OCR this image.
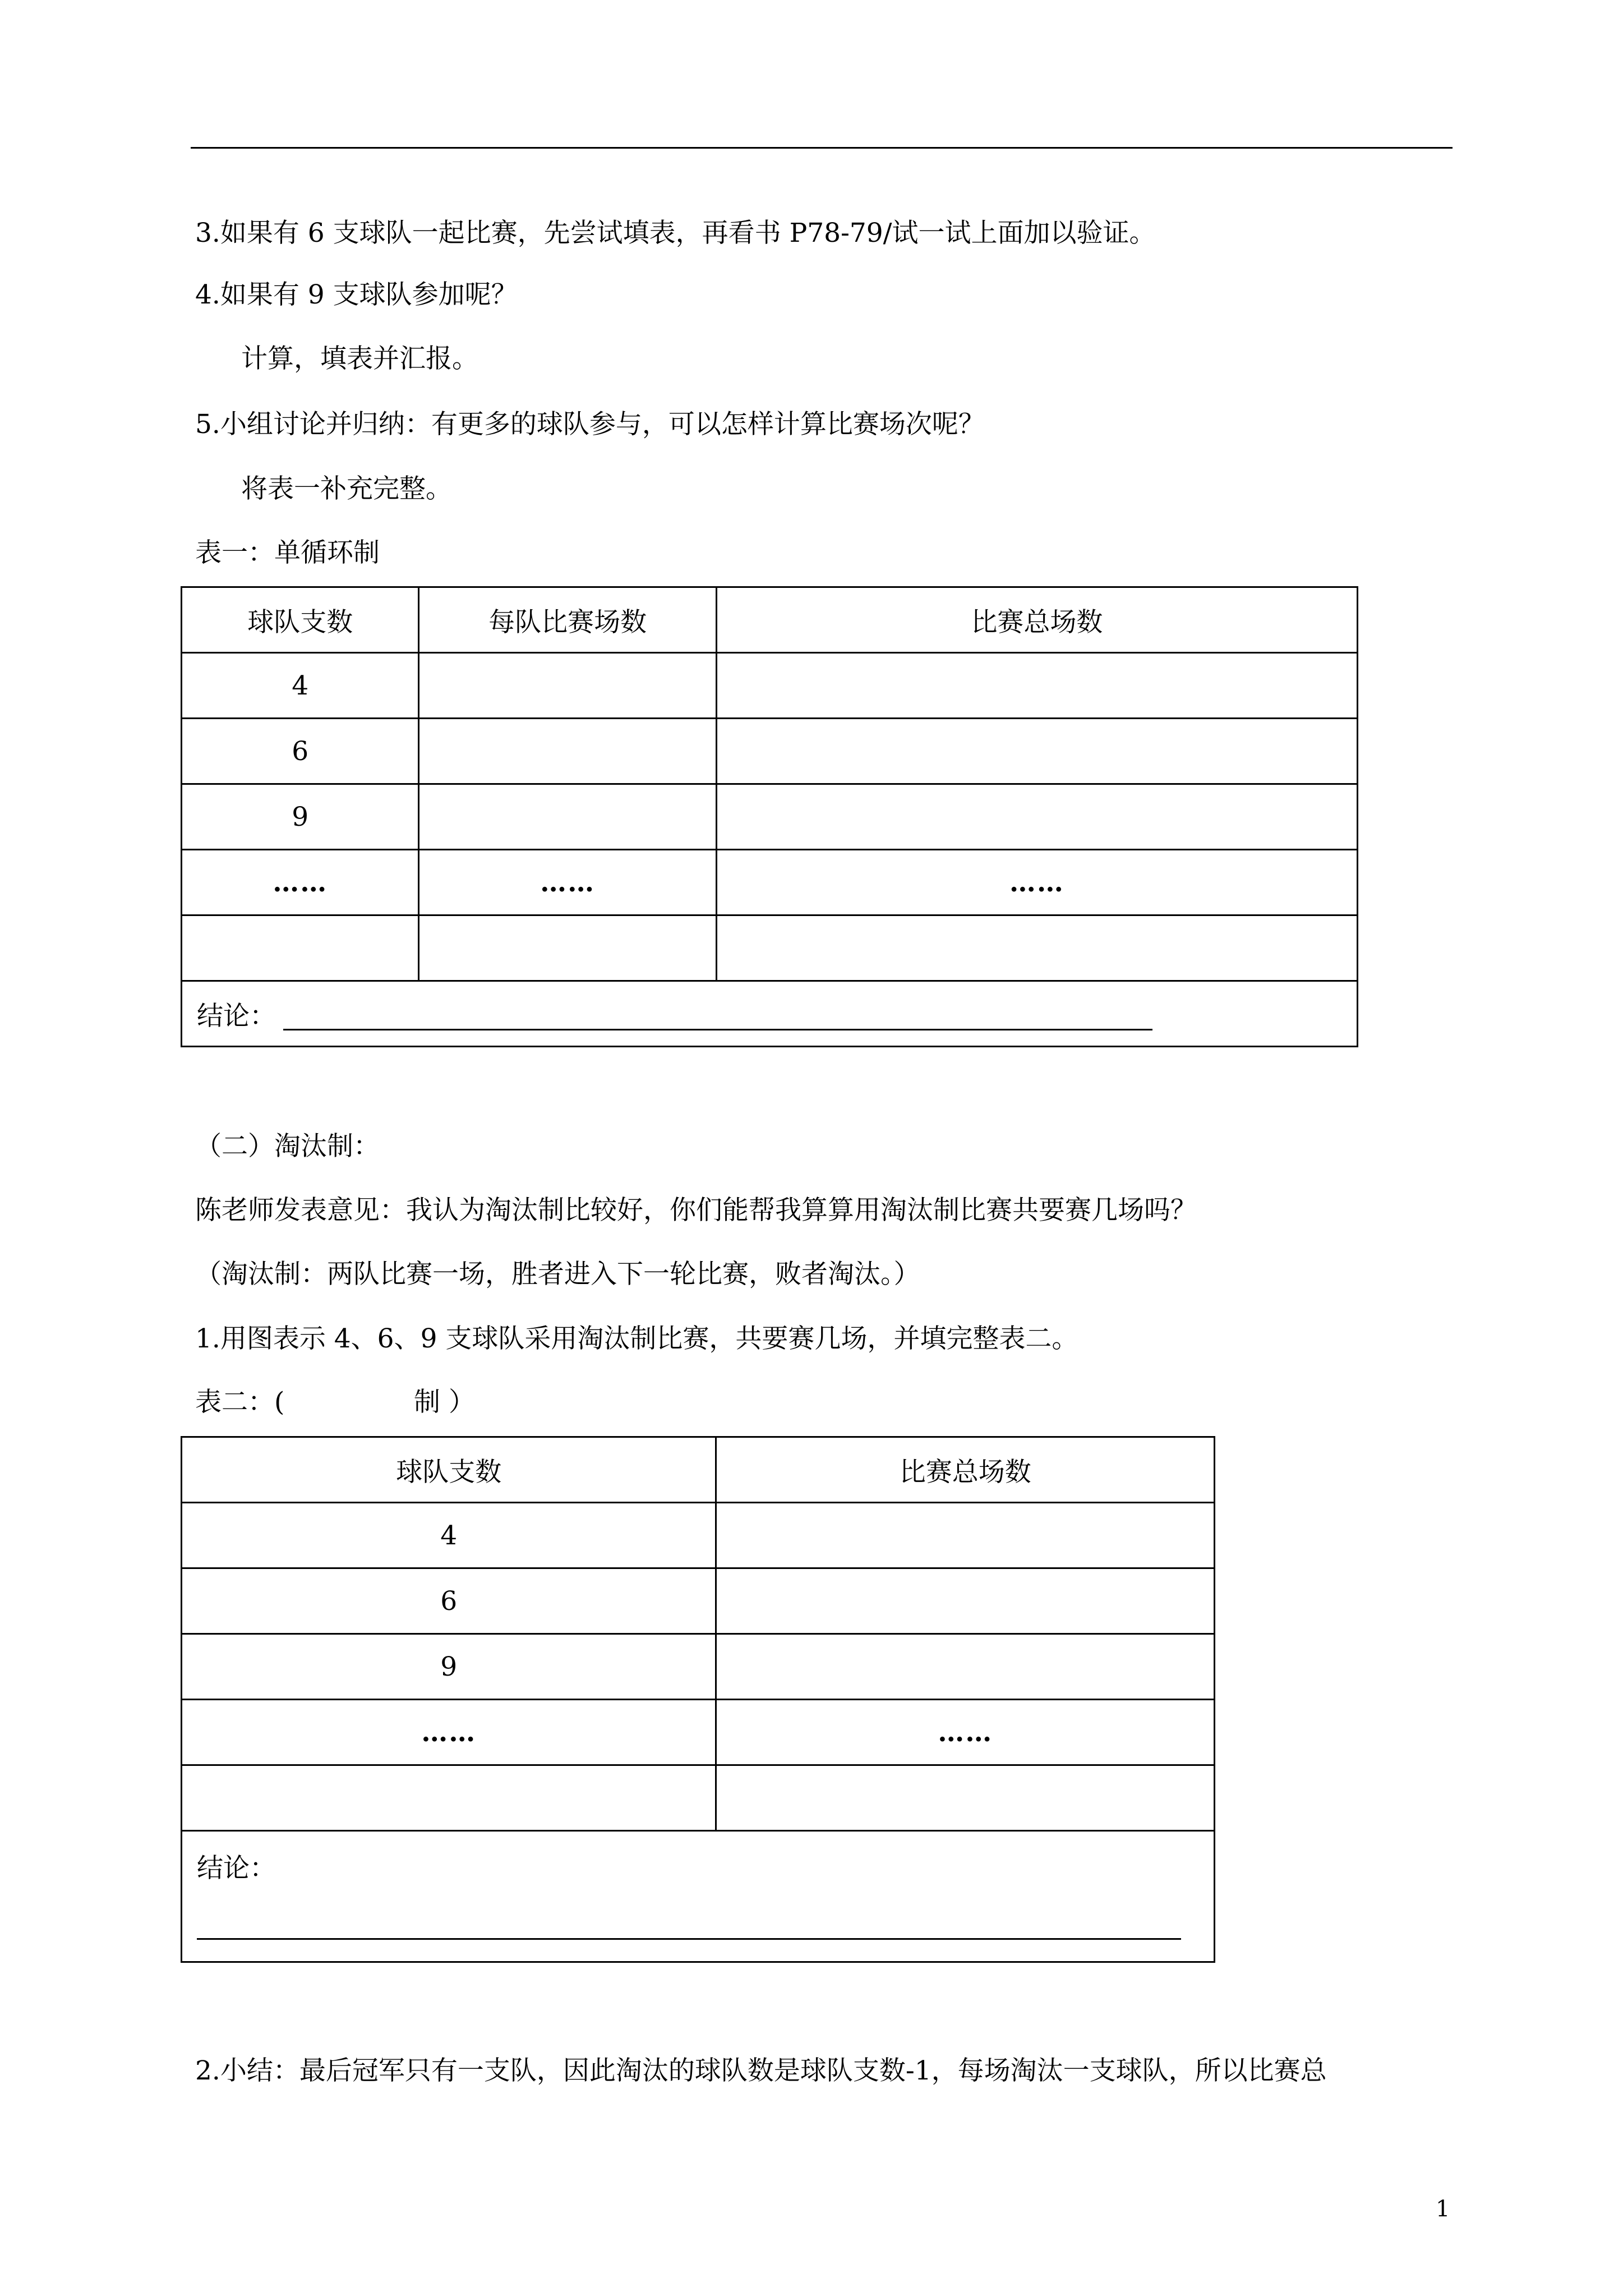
3.如果有 6 支球队一起比赛，先尝试填表，再看书 P78-79/试一试上面加以验证。
4.如果有 9 支球队参加呢？
计算，填表并汇报。
5.小组讨论并归纳：有更多的球队参与，可以怎样计算比赛场次呢？
将表一补充完整。
表一：单循环制
球队支数	每队比赛场数	比赛总场数
4		
6		
9		
……	……	……

结论：		
（二）淘汰制：
陈老师发表意见：我认为淘汰制比较好，你们能帮我算算用淘汰制比赛共要赛几场吗？
（淘汰制：两队比赛一场，胜者进入下一轮比赛，败者淘汰。）
1.用图表示 4、6、9 支球队采用淘汰制比赛，共要赛几场，并填完整表二。
表二：(	制 ）
球队支数	比赛总场数
4	
6	
9	
……	……

结论：	
2.小结：最后冠军只有一支队，因此淘汰的球队数是球队支数-1，每场淘汰一支球队，所以比赛总
1
